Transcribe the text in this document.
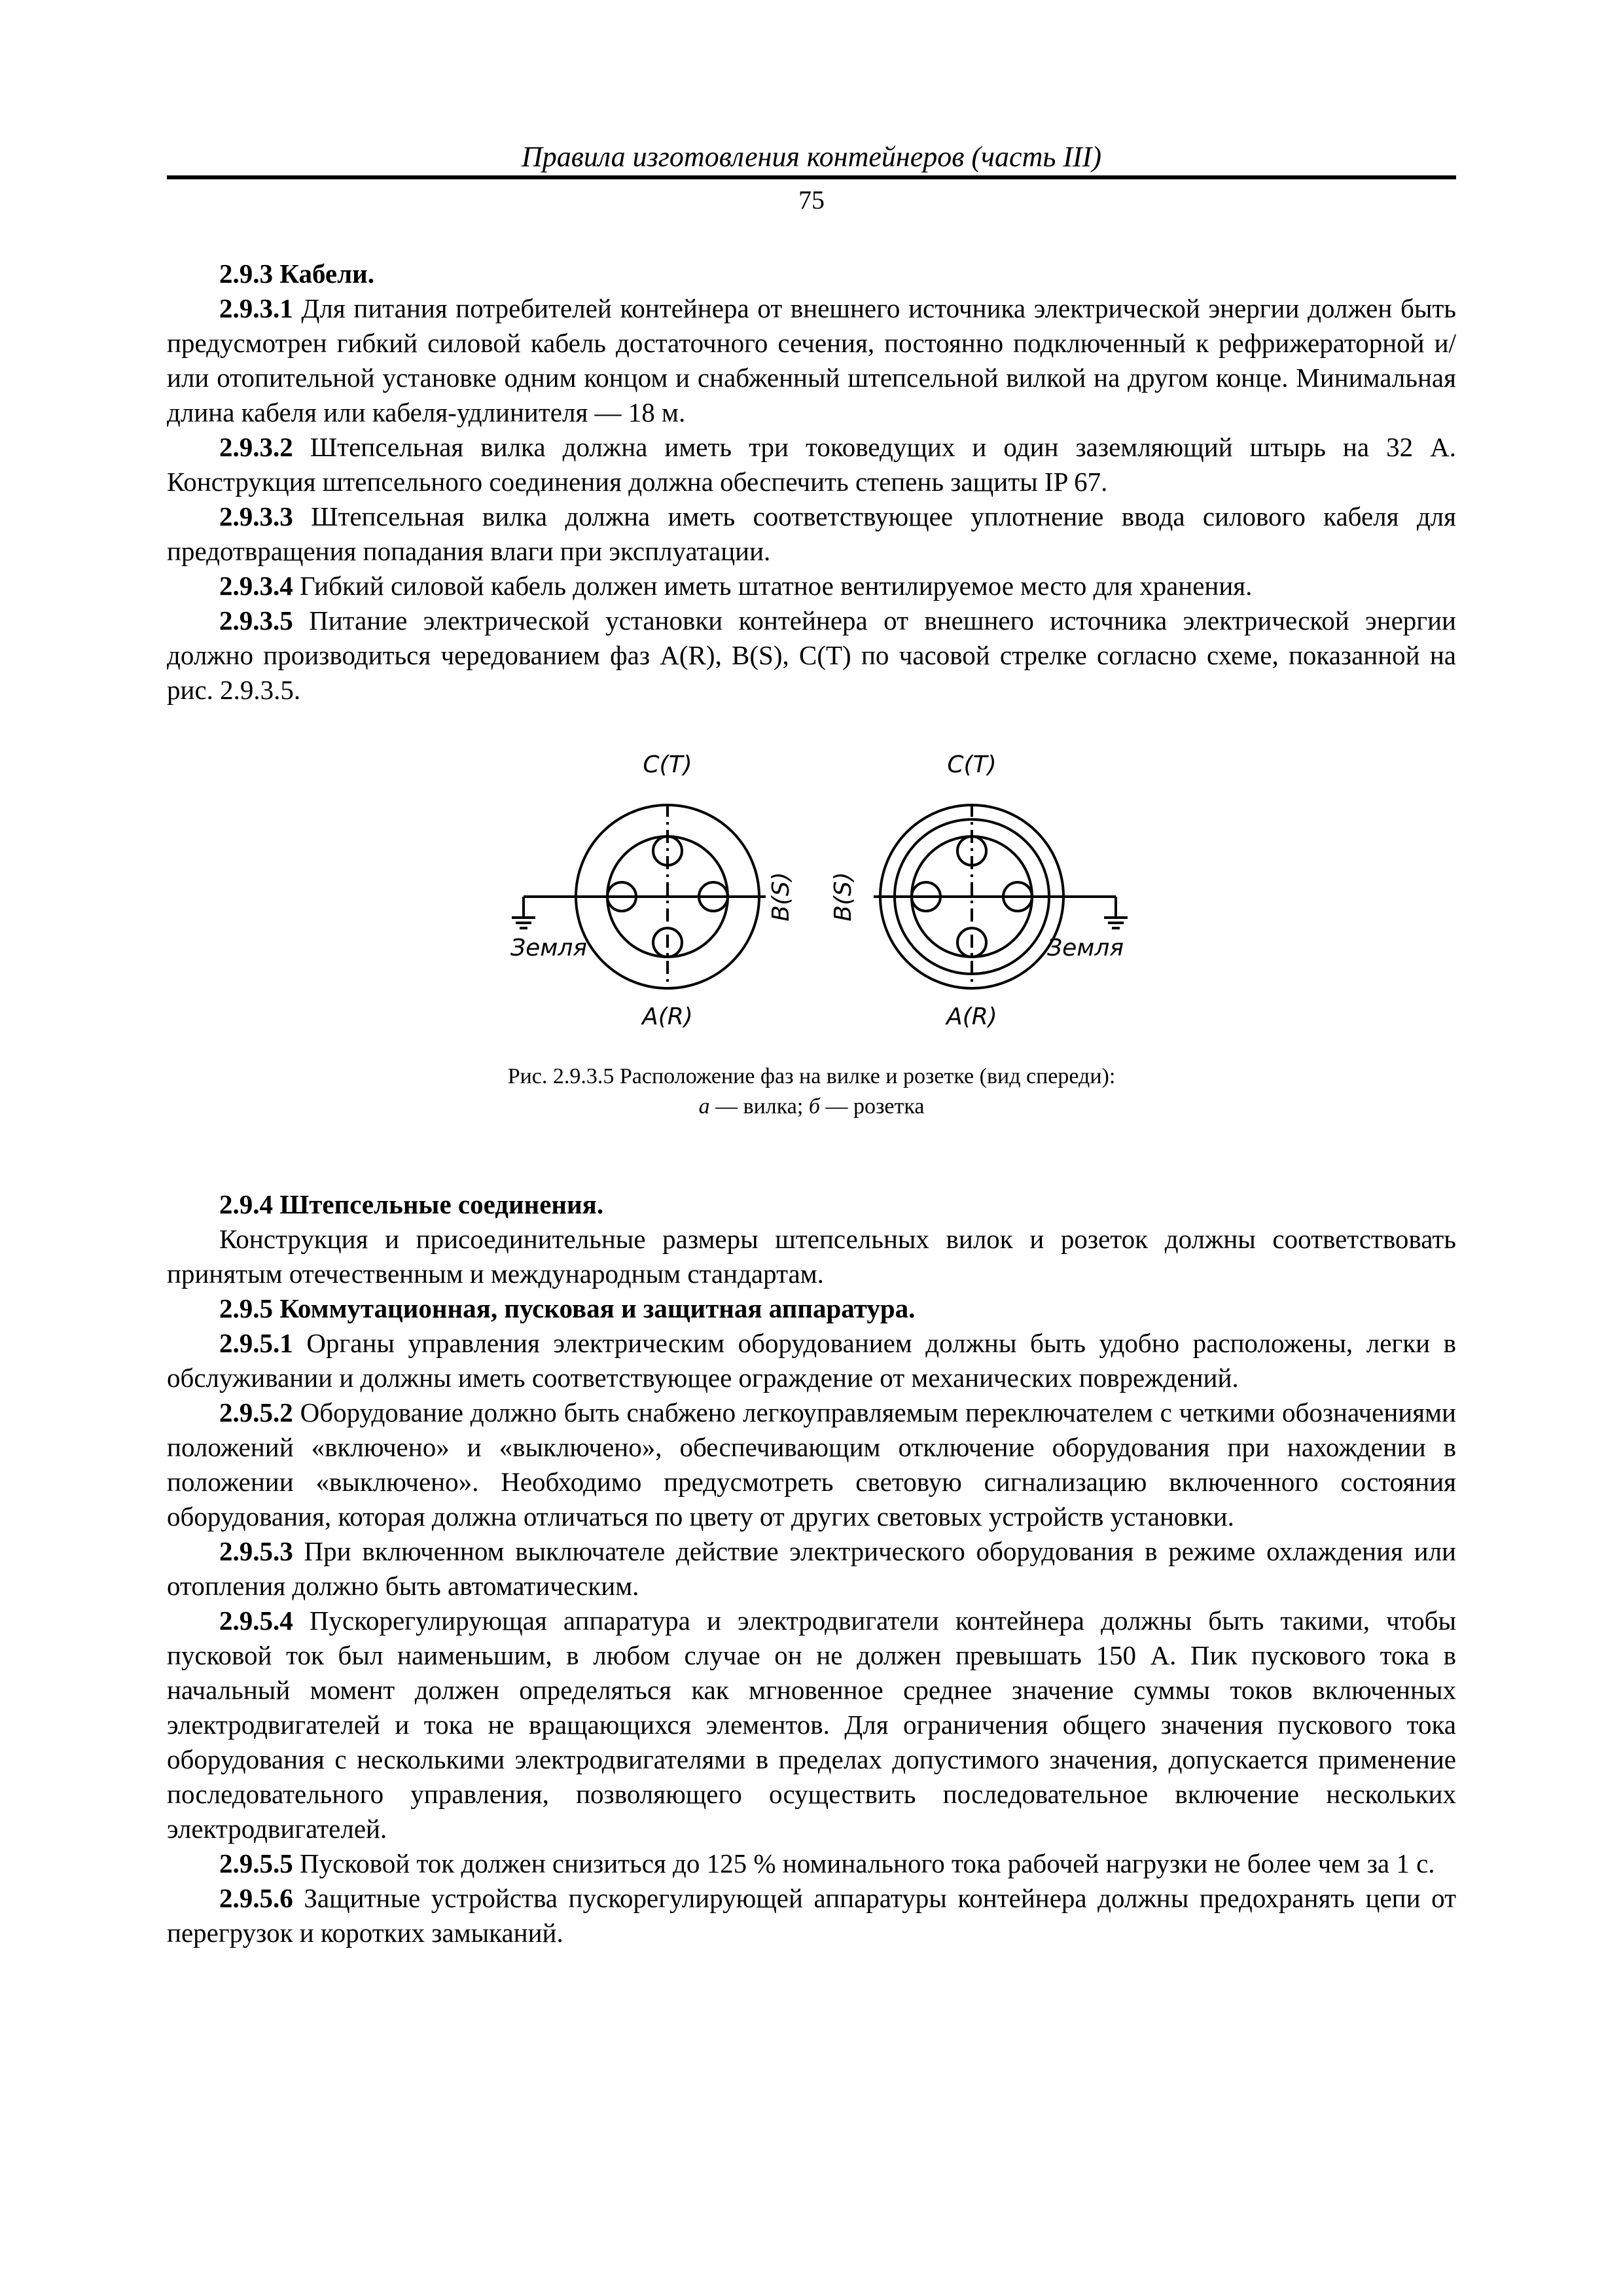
Правила изготовления контейнеров (часть III)
75

2.9.3 Кабели.

2.9.3.1 Для питания потребителей контейнера от внешнего источника электрической энергии должен быть предусмотрен гибкий силовой кабель достаточного сечения, постоянно подключенный к рефрижераторной и/или отопительной установке одним концом и снабженный штепсельной вилкой на другом конце. Минимальная длина кабеля или кабеля-удлинителя — 18 м.

2.9.3.2 Штепсельная вилка должна иметь три токоведущих и один заземляющий штырь на 32 А. Конструкция штепсельного соединения должна обеспечить степень защиты IP 67.

2.9.3.3 Штепсельная вилка должна иметь соответствующее уплотнение ввода силового кабеля для предотвращения попадания влаги при эксплуатации.

2.9.3.4 Гибкий силовой кабель должен иметь штатное вентилируемое место для хранения.

2.9.3.5 Питание электрической установки контейнера от внешнего источника электрической энергии должно производиться чередованием фаз A(R), B(S), C(T) по часовой стрелке согласно схеме, показанной на рис. 2.9.3.5.

C(T)
A(R)
B(S)
Земля
C(T)
A(R)
B(S)
Земля
Рис. 2.9.3.5 Расположение фаз на вилке и розетке (вид спереди):
а — вилка; б — розетка

2.9.4 Штепсельные соединения.

Конструкция и присоединительные размеры штепсельных вилок и розеток должны соответствовать принятым отечественным и международным стандартам.

2.9.5 Коммутационная, пусковая и защитная аппаратура.

2.9.5.1 Органы управления электрическим оборудованием должны быть удобно расположены, легки в обслуживании и должны иметь соответствующее ограждение от механических повреждений.

2.9.5.2 Оборудование должно быть снабжено легкоуправляемым переключателем с четкими обозначениями положений «включено» и «выключено», обеспечивающим отключение оборудования при нахождении в положении «выключено». Необходимо предусмотреть световую сигнализацию включенного состояния оборудования, которая должна отличаться по цвету от других световых устройств установки.

2.9.5.3 При включенном выключателе действие электрического оборудования в режиме охлаждения или отопления должно быть автоматическим.

2.9.5.4 Пускорегулирующая аппаратура и электродвигатели контейнера должны быть такими, чтобы пусковой ток был наименьшим, в любом случае он не должен превышать 150 А. Пик пускового тока в начальный момент должен определяться как мгновенное среднее значение суммы токов включенных электродвигателей и тока не вращающихся элементов. Для ограничения общего значения пускового тока оборудования с несколькими электродвигателями в пределах допустимого значения, допускается применение последовательного управления, позволяющего осуществить последовательное включение нескольких электродвигателей.

2.9.5.5 Пусковой ток должен снизиться до 125 % номинального тока рабочей нагрузки не более чем за 1 с.

2.9.5.6 Защитные устройства пускорегулирующей аппаратуры контейнера должны предохранять цепи от перегрузок и коротких замыканий.
